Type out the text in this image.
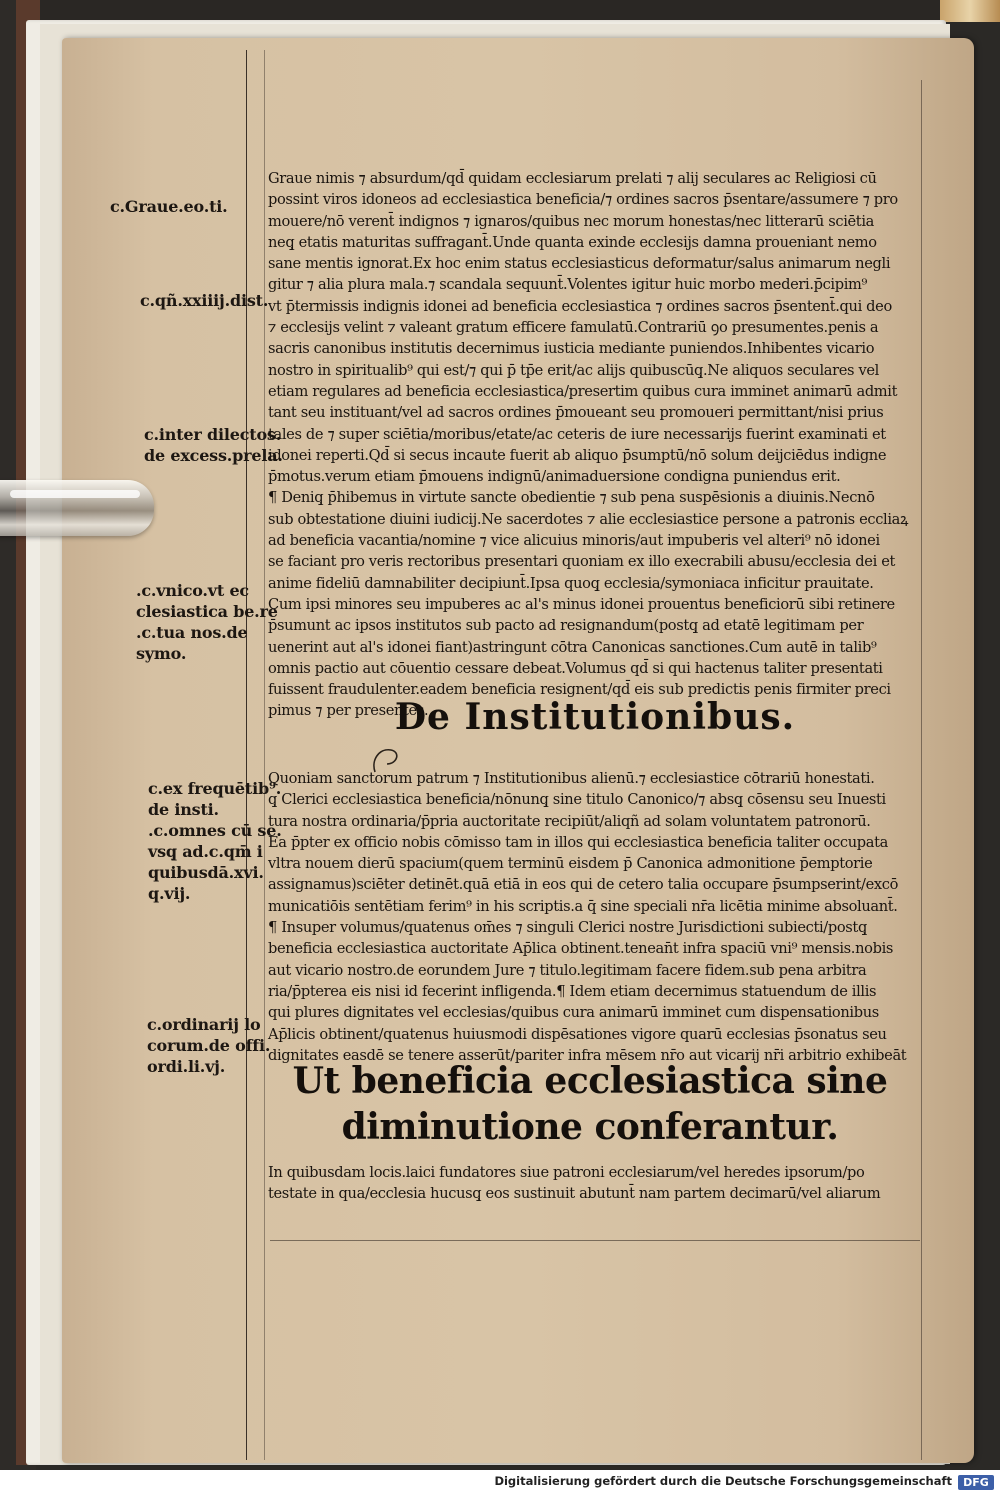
c.Graue.eo.ti.
c.qñ.xxiiij.dist.
c.inter dilectos.
de excess.prela.
.c.vnico.vt ec
clesiastica be.re
.c.tua nos.de
symo.
c.ex frequētib⁹.
de insti.
.c.omnes cū se.
vsq̧ ad.c.qm̄ i
quibusdā.xvi.
q.vij.
c.ordinarij lo
corum.de offi.
ordi.li.vj.
Graue nimis ⁊ absurdum/qd̄ quidam ecclesiarum prelati ⁊ alij seculares ac Religiosi cū
possint viros idoneos ad ecclesiastica beneficia/⁊ ordines sacros p̄sentare/assumere ⁊ pro
mouere/nō verent̄ indignos ⁊ ignaros/quibus nec morum honestas/nec litterarū sciētia
neq̧ etatis maturitas suffragant̄.Unde quanta exinde ecclesijs damna proueniant nemo
sane mentis ignorat.Ex hoc enim status ecclesiasticus deformatur/salus animarum negli
gitur ⁊ alia plura mala.⁊ scandala sequunt̄.Volentes igitur huic morbo mederi.p̄cipim⁹
vt p̄termissis indignis idonei ad beneficia ecclesiastica ⁊ ordines sacros p̄sentent̄.qui deo
⁊ ecclesijs velint ⁊ valeant gratum efficere famulatū.Contrariū ꝯo presumentes.penis a
sacris canonibus institutis decernimus iusticia mediante puniendos.Inhibentes vicario
nostro in spiritualib⁹ qui est/⁊ qui p̄ tp̄e erit/ac alijs quibuscūq̧.Ne aliquos seculares vel
etiam regulares ad beneficia ecclesiastica/presertim quibus cura imminet animarū admit
tant seu instituant/vel ad sacros ordines p̄moueant seu promoueri permittant/nisi prius
tales de ⁊ super sciētia/moribus/etate/ac ceteris de iure necessarijs fuerint examinati et
idonei reperti.Qd̄ si secus incaute fuerit ab aliquo p̄sumptū/nō solum deijciēdus indigne
p̄motus.verum etiam p̄mouens indignū/animaduersione condigna puniendus erit.
¶ Deniq̧ p̄hibemus in virtute sancte obedientie ⁊ sub pena suspēsionis a diuinis.Necnō
sub obtestatione diuini iudicij.Ne sacerdotes ⁊ alie ecclesiastice persone a patronis eccliaꝝ
ad beneficia vacantia/nomine ⁊ vice alicuius minoris/aut impuberis vel alteri⁹ nō idonei
se faciant pro veris rectoribus presentari quoniam ex illo execrabili abusu/ecclesia dei et
anime fideliū damnabiliter decipiunt̄.Ipsa quoq̧ ecclesia/symoniaca inficitur prauitate.
Cum ipsi minores seu impuberes ac al's minus idonei prouentus beneficiorū sibi retinere
p̄sumunt ac ipsos institutos sub pacto ad resignandum(postq̧ ad etatē legitimam per
uenerint aut al's idonei fiant)astringunt cōtra Canonicas sanctiones.Cum autē in talib⁹
omnis pactio aut cōuentio cessare debeat.Volumus qd̄ si qui hactenus taliter presentati
fuissent fraudulenter.eadem beneficia resignent/qd̄ eis sub predictis penis firmiter preci
pimus ⁊ per presentes.
De Institutionibus.
Quoniam sanctorum patrum ⁊ Institutionibus alienū.⁊ ecclesiastice cōtrariū honestati.
q̧ Clerici ecclesiastica beneficia/nōnunq̧ sine titulo Canonico/⁊ absq̧ cōsensu seu Inuesti
tura nostra ordinaria/p̄pria auctoritate recipiūt/aliqñ ad solam voluntatem patronorū.
Ea p̄pter ex officio nobis cōmisso tam in illos qui ecclesiastica beneficia taliter occupata
vltra nouem dierū spacium(quem terminū eisdem p̄ Canonica admonitione p̄emptorie
assignamus)sciēter detinēt.quā etiā in eos qui de cetero talia occupare p̄sumpserint/excō
municatiōis sentētiam ferim⁹ in his scriptis.a q̄ sine speciali nr̄a licētia minime absoluant̄.
¶ Insuper volumus/quatenus om̄es ⁊ singuli Clerici nostre Jurisdictioni subiecti/postq̧
beneficia ecclesiastica auctoritate Ap̄lica obtinent.tenean̄t infra spaciū vni⁹ mensis.nobis
aut vicario nostro.de eorundem Jure ⁊ titulo.legitimam facere fidem.sub pena arbitra
ria/p̄pterea eis nisi id fecerint infligenda.¶ Idem etiam decernimus statuendum de illis
qui plures dignitates vel ecclesias/quibus cura animarū imminet cum dispensationibus
Ap̄licis obtinent/quatenus huiusmodi dispēsationes vigore quarū ecclesias p̄sonatus seu
dignitates easdē se tenere asserūt/pariter infra mēsem nr̄o aut vicarij nr̄i arbitrio exhibeāt
Ut beneficia ecclesiastica sine
diminutione conferantur.
In quibusdam locis.laici fundatores siue patroni ecclesiarum/vel heredes ipsorum/po
testate in qua/ecclesia hucusq̧ eos sustinuit abutunt̄ nam partem decimarū/vel aliarum
Digitalisierung gefördert durch die Deutsche Forschungsgemeinschaft	DFG
